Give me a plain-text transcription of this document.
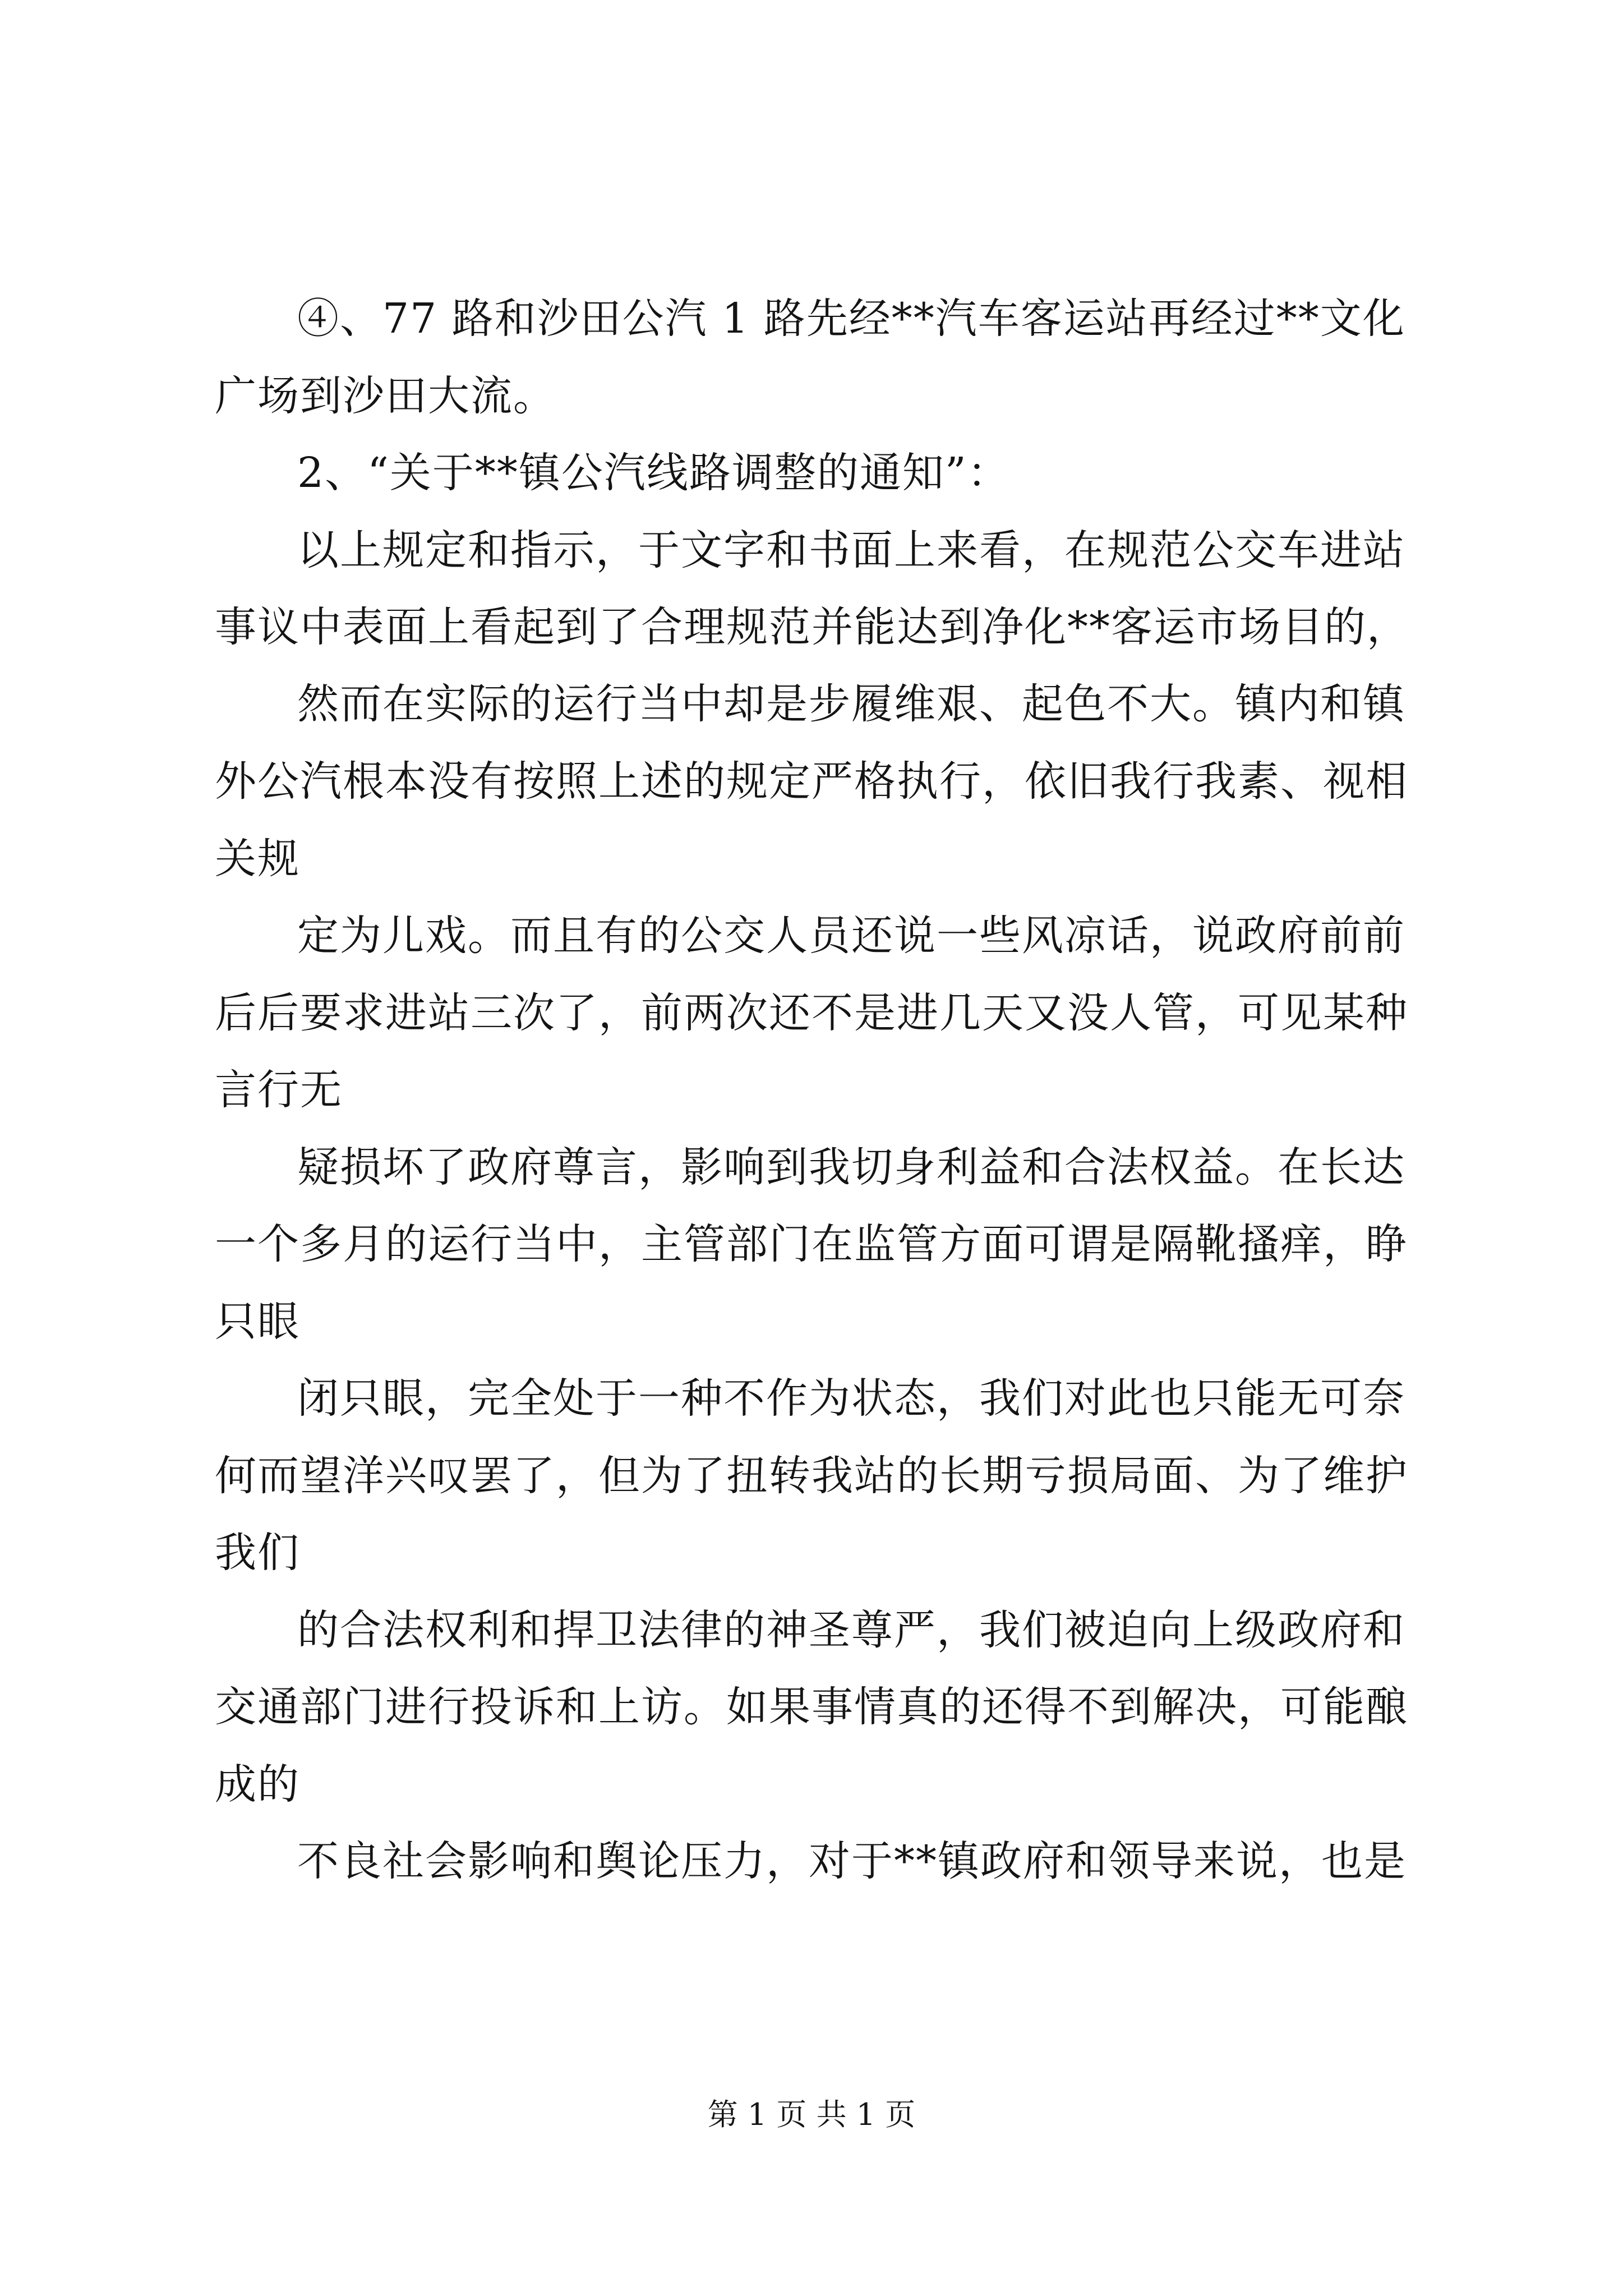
④、77 路和沙田公汽 1 路先经**汽车客运站再经过**文化
广场到沙田大流。
2、“关于**镇公汽线路调整的通知”：
以上规定和指示，于文字和书面上来看，在规范公交车进站
事议中表面上看起到了合理规范并能达到净化**客运市场目的，
然而在实际的运行当中却是步履维艰、起色不大。镇内和镇
外公汽根本没有按照上述的规定严格执行，依旧我行我素、视相
关规
定为儿戏。而且有的公交人员还说一些风凉话，说政府前前
后后要求进站三次了，前两次还不是进几天又没人管，可见某种
言行无
疑损坏了政府尊言，影响到我切身利益和合法权益。在长达
一个多月的运行当中，主管部门在监管方面可谓是隔靴搔痒，睁
只眼
闭只眼，完全处于一种不作为状态，我们对此也只能无可奈
何而望洋兴叹罢了，但为了扭转我站的长期亏损局面、为了维护
我们
的合法权利和捍卫法律的神圣尊严，我们被迫向上级政府和
交通部门进行投诉和上访。如果事情真的还得不到解决，可能酿
成的
不良社会影响和舆论压力，对于**镇政府和领导来说，也是
第 1 页 共 1 页
